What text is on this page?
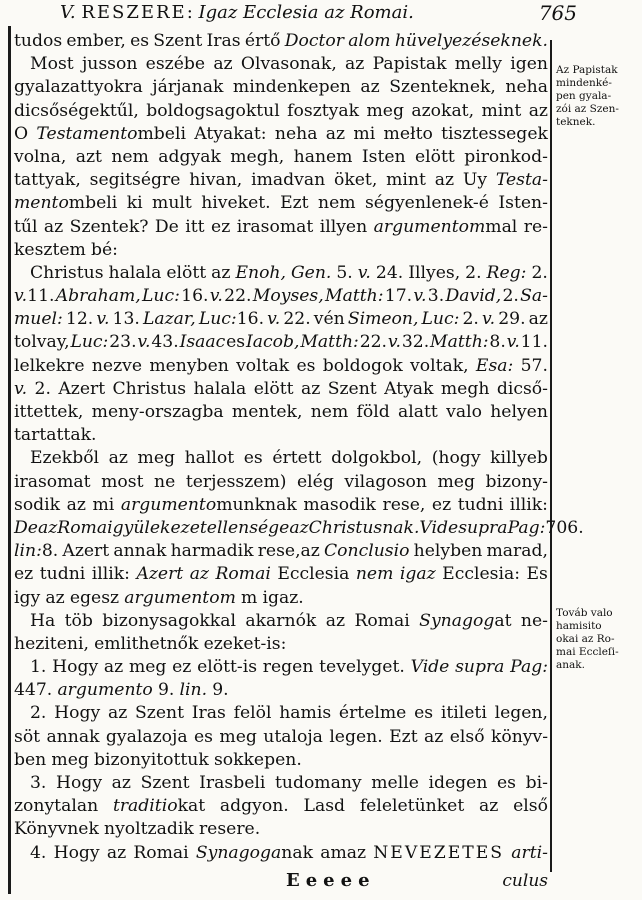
V. RESZERE: Igaz Ecclesia az Romai.	765
tudos ember, es Szent Iras értő Doctor alom hüvelyezéseknek.
Most jusson eszébe az Olvasonak, az Papistak melly igen
gyalazattyokra járjanak mindenkepen az Szenteknek, neha
dicsőségektűl, boldogsagoktul fosztyak meg azokat, mint az
O Testamentombeli Atyakat: neha az mi mełto tisztessegek
volna, azt nem adgyak megh, hanem Isten elött pironkod-
tattyak, segitségre hivan, imadvan öket, mint az Uy Testa-
mentombeli ki mult hiveket. Ezt nem ségyenlenek-é Isten-
tűl az Szentek? De itt ez irasomat illyen argumentommal re-
kesztem bé:
Christus halala elött az Enoh, Gen. 5. v. 24. Illyes, 2. Reg: 2.
v.11. Abraham, Luc: 16. v. 22. Moyses, Matth: 17. v. 3. David, 2. Sa-
muel: 12. v. 13. Lazar, Luc:16. v. 22. vén Simeon, Luc: 2. v. 29. az
tolvay, Luc: 23. v. 43. Isaac es Iacob, Matth: 22. v. 32. Matth: 8. v. 11.
lelkekre nezve menyben voltak es boldogok voltak, Esa: 57.
v. 2. Azert Christus halala elött az Szent Atyak megh dicső-
ittettek, meny-orszagba mentek, nem föld alatt valo helyen
tartattak.
Ezekből az meg hallot es értett dolgokbol, (hogy killyeb
irasomat most ne terjesszem) elég vilagoson meg bizony-
sodik az mi argumentomunknak masodik rese, ez tudni illik:
De az Romai gyülekezet ellensége az Christusnak. Vide supra Pag:706.
lin:8. Azert annak harmadik rese,az Conclusio helyben marad,
ez tudni illik: Azert az Romai Ecclesia nem igaz Ecclesia: Es
igy az egesz argumentom m igaz.
Ha töb bizonysagokkal akarnók az Romai Synagogat ne-
heziteni, emlithetnők ezeket-is:
1. Hogy az meg ez elött-is regen tevelyget. Vide supra Pag:
447. argumento 9. lin. 9.
2. Hogy az Szent Iras felöl hamis értelme es itileti legen,
söt annak gyalazoja es meg utaloja legen. Ezt az első könyv-
ben meg bizonyitottuk sokkepen.
3. Hogy az Szent Irasbeli tudomany melle idegen es bi-
zonytalan traditiokat adgyon. Lasd feleletünket az első
Könyvnek nyoltzadik resere.
4. Hogy az Romai Synagoganak amaz NEVEZETES arti-
Az Papistak
mindenké-
pen gyala-
zói az Szen-
teknek.
Továb valo
hamisito
okai az Ro-
mai Eccleſi-
anak.
Eeeee	culus
